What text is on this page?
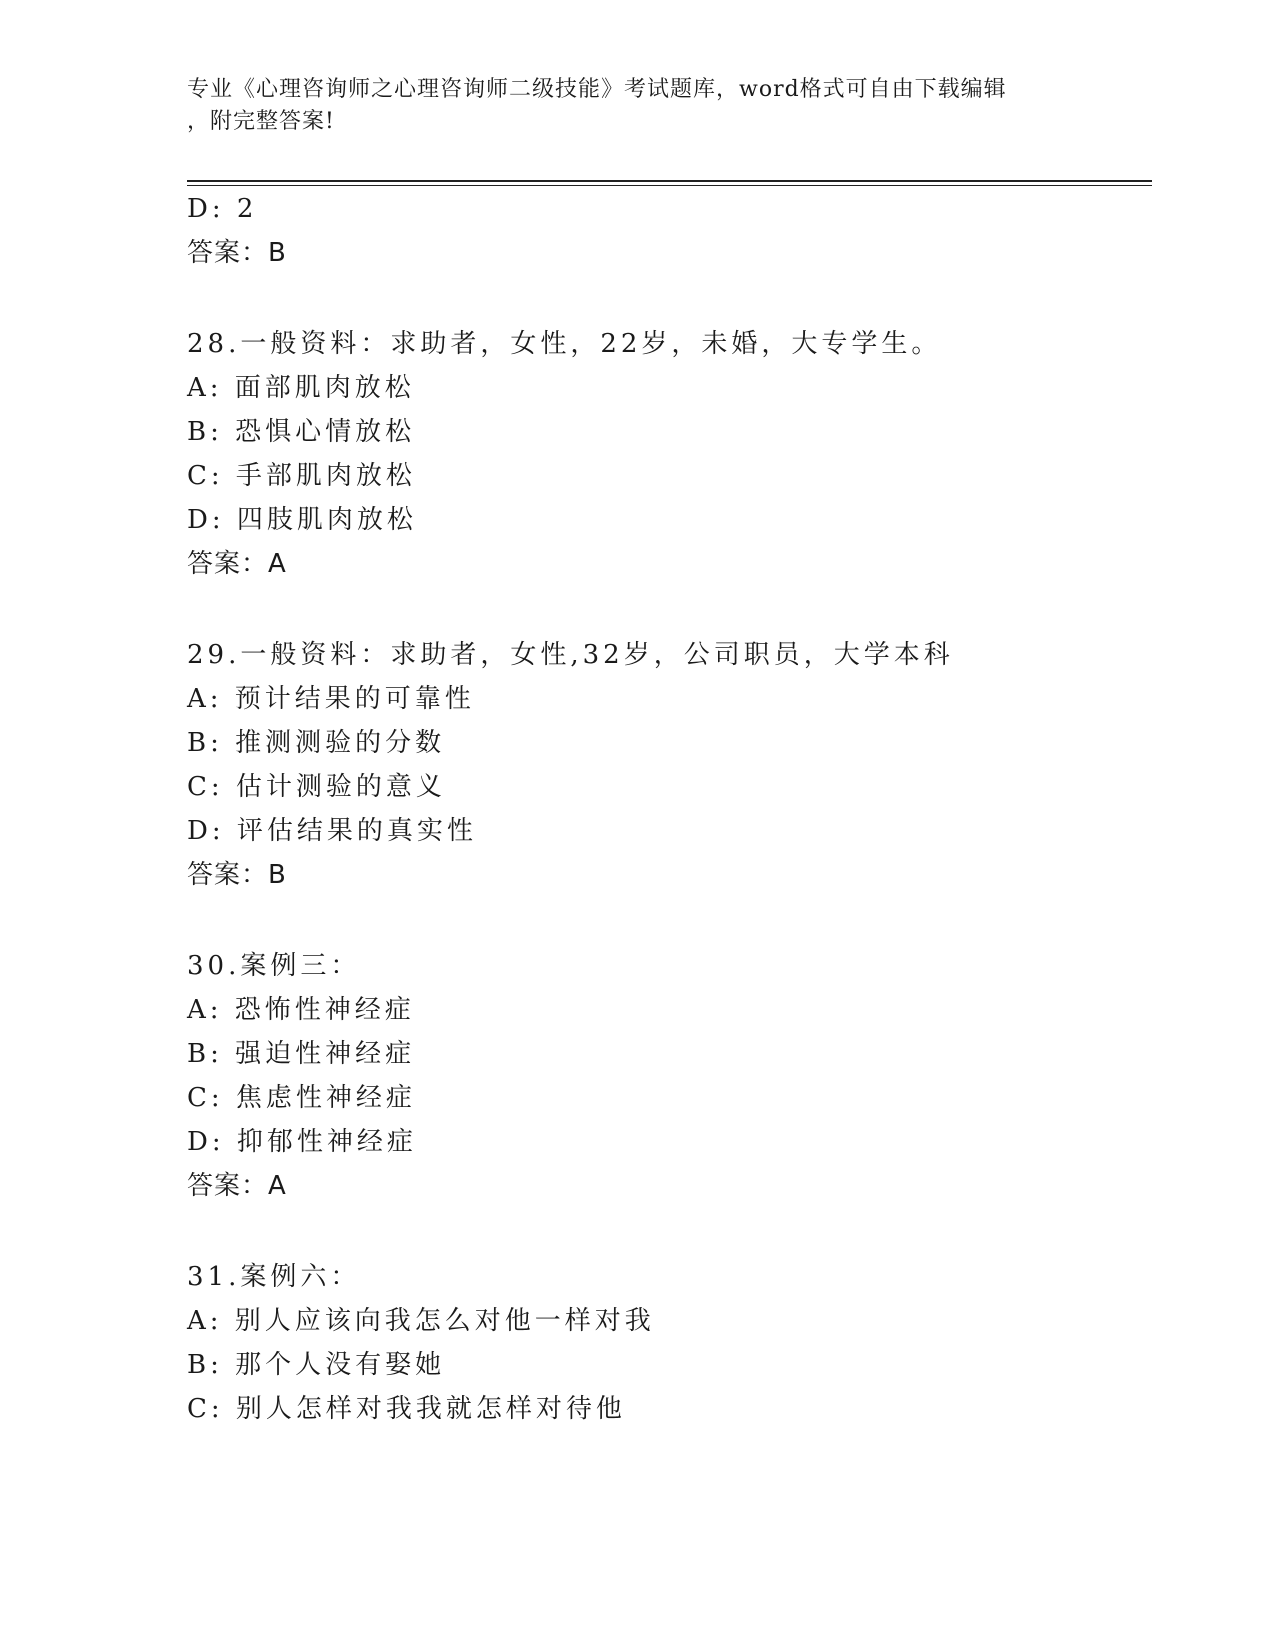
专业《心理咨询师之心理咨询师二级技能》考试题库，word格式可自由下载编辑
，附完整答案!
D: 2
答案：B
28.一般资料：求助者，女性，22岁，未婚，大专学生。
A: 面部肌肉放松
B: 恐惧心情放松
C: 手部肌肉放松
D: 四肢肌肉放松
答案：A
29.一般资料：求助者，女性,32岁，公司职员，大学本科
A: 预计结果的可靠性
B: 推测测验的分数
C: 估计测验的意义
D: 评估结果的真实性
答案：B
30.案例三：
A: 恐怖性神经症
B: 强迫性神经症
C: 焦虑性神经症
D: 抑郁性神经症
答案：A
31.案例六：
A: 别人应该向我怎么对他一样对我
B: 那个人没有娶她
C: 别人怎样对我我就怎样对待他
